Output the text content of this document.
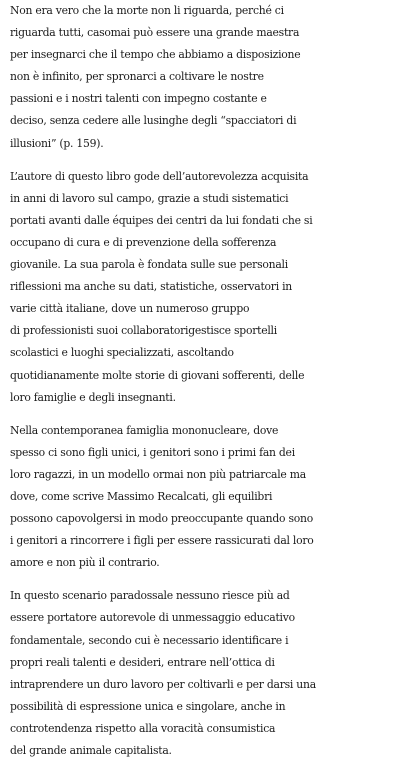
Non era vero che la morte non li riguarda, perché ci
riguarda tutti, casomai può essere una grande maestra
per insegnarci che il tempo che abbiamo a disposizione
non è infinito, per spronarci a coltivare le nostre
passioni e i nostri talenti con impegno costante e
deciso, senza cedere alle lusinghe degli “spacciatori di
illusioni” (p. 159).
L’autore di questo libro gode dell’autorevolezza acquisita
in anni di lavoro sul campo, grazie a studi sistematici
portati avanti dalle équipes dei centri da lui fondati che si
occupano di cura e di prevenzione della sofferenza
giovanile. La sua parola è fondata sulle sue personali
riflessioni ma anche su dati, statistiche, osservatori in
varie città italiane, dove un numeroso gruppo
di professionisti suoi collaboratorigestisce sportelli
scolastici e luoghi specializzati, ascoltando
quotidianamente molte storie di giovani sofferenti, delle
loro famiglie e degli insegnanti.
Nella contemporanea famiglia mononucleare, dove
spesso ci sono figli unici, i genitori sono i primi fan dei
loro ragazzi, in un modello ormai non più patriarcale ma
dove, come scrive Massimo Recalcati, gli equilibri
possono capovolgersi in modo preoccupante quando sono
i genitori a rincorrere i figli per essere rassicurati dal loro
amore e non più il contrario.
In questo scenario paradossale nessuno riesce più ad
essere portatore autorevole di unmessaggio educativo
fondamentale, secondo cui è necessario identificare i
propri reali talenti e desideri, entrare nell’ottica di
intraprendere un duro lavoro per coltivarli e per darsi una
possibilità di espressione unica e singolare, anche in
controtendenza rispetto alla voracità consumistica
del grande animale capitalista.
